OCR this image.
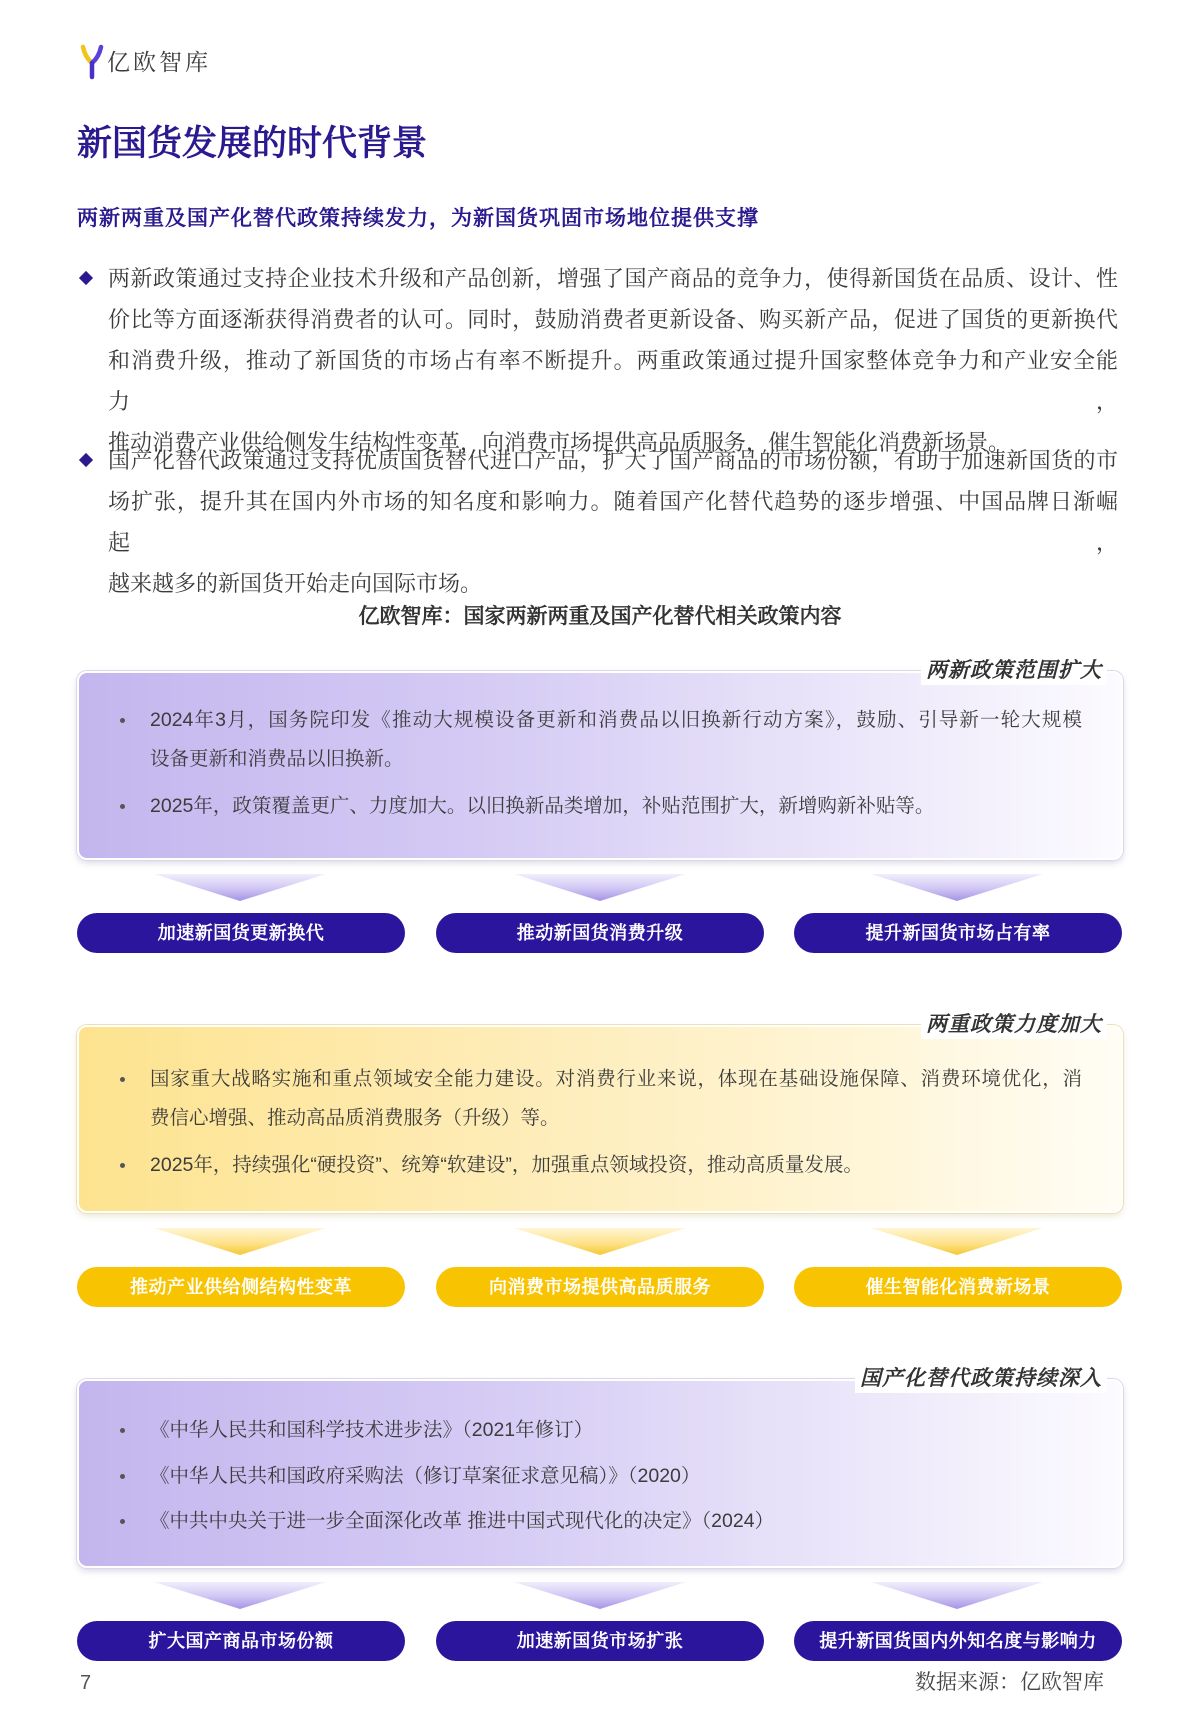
亿欧智库
新国货发展的时代背景
两新两重及国产化替代政策持续发力，为新国货巩固市场地位提供支撑
两新政策通过支持企业技术升级和产品创新，增强了国产商品的竞争力，使得新国货在品质、设计、性
价比等方面逐渐获得消费者的认可。同时，鼓励消费者更新设备、购买新产品，促进了国货的更新换代
和消费升级，推动了新国货的市场占有率不断提升。两重政策通过提升国家整体竞争力和产业安全能力，
推动消费产业供给侧发生结构性变革，向消费市场提供高品质服务，催生智能化消费新场景。
国产化替代政策通过支持优质国货替代进口产品，扩大了国产商品的市场份额，有助于加速新国货的市
场扩张，提升其在国内外市场的知名度和影响力。随着国产化替代趋势的逐步增强、中国品牌日渐崛起，
越来越多的新国货开始走向国际市场。
亿欧智库：国家两新两重及国产化替代相关政策内容
两新政策范围扩大
2024年3月，国务院印发《推动大规模设备更新和消费品以旧换新行动方案》，鼓励、引导新一轮大规模
设备更新和消费品以旧换新。
2025年，政策覆盖更广、力度加大。以旧换新品类增加，补贴范围扩大，新增购新补贴等。
加速新国货更新换代	推动新国货消费升级	提升新国货市场占有率
两重政策力度加大
国家重大战略实施和重点领域安全能力建设。对消费行业来说，体现在基础设施保障、消费环境优化，消
费信心增强、推动高品质消费服务（升级）等。
2025年，持续强化“硬投资”、统筹“软建设”，加强重点领域投资，推动高质量发展。
推动产业供给侧结构性变革	向消费市场提供高品质服务	催生智能化消费新场景
国产化替代政策持续深入
《中华人民共和国科学技术进步法》（2021年修订）
《中华人民共和国政府采购法（修订草案征求意见稿）》（2020）
《中共中央关于进一步全面深化改革 推进中国式现代化的决定》（2024）
扩大国产商品市场份额	加速新国货市场扩张	提升新国货国内外知名度与影响力
7	数据来源：亿欧智库
